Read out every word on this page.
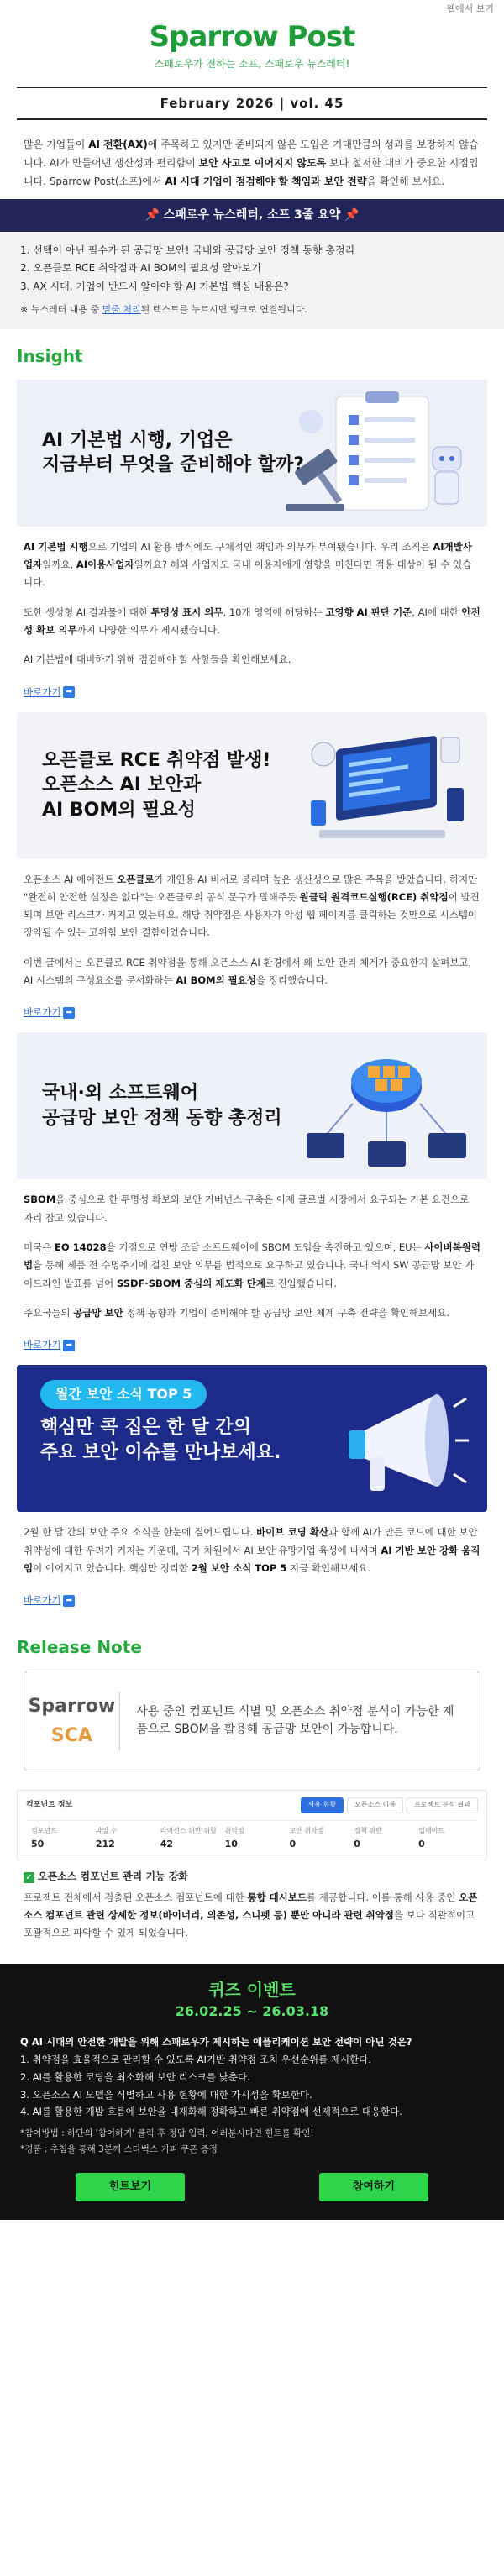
웹에서 보기
Sparrow Post
스패로우가 전하는 소프, 스패로우 뉴스레터!
February 2026 | vol. 45
많은 기업들이 AI 전환(AX)에 주목하고 있지만 준비되지 않은 도입은 기대만큼의 성과를 보장하지 않습니다. AI가 만들어낸 생산성과 편리함이 보안 사고로 이어지지 않도록 보다 철저한 대비가 중요한 시점입니다. Sparrow Post(소프)에서 AI 시대 기업이 점검해야 할 책임과 보안 전략을 확인해 보세요.
📌 스패로우 뉴스레터, 소프 3줄 요약 📌
1. 선택이 아닌 필수가 된 공급망 보안! 국내외 공급망 보안 정책 동향 총정리
2. 오픈클로 RCE 취약점과 AI BOM의 필요성 알아보기
3. AX 시대, 기업이 반드시 알아야 할 AI 기본법 핵심 내용은?
※ 뉴스레터 내용 중 밑줄 처리된 텍스트를 누르시면 링크로 연결됩니다.
Insight
AI 기본법 시행, 기업은
지금부터 무엇을 준비해야 할까?
AI 기본법 시행으로 기업의 AI 활용 방식에도 구체적인 책임과 의무가 부여됐습니다. 우리 조직은 AI개발사업자일까요, AI이용사업자일까요? 해외 사업자도 국내 이용자에게 영향을 미친다면 적용 대상이 될 수 있습니다.
또한 생성형 AI 결과물에 대한 투명성 표시 의무, 10개 영역에 해당하는 고영향 AI 판단 기준, AI에 대한 안전성 확보 의무까지 다양한 의무가 제시됐습니다.
AI 기본법에 대비하기 위해 점검해야 할 사항들을 확인해보세요.
바로가기 ➡
오픈클로 RCE 취약점 발생!
오픈소스 AI 보안과
AI BOM의 필요성
오픈소스 AI 에이전트 오픈클로가 개인용 AI 비서로 불리며 높은 생산성으로 많은 주목을 받았습니다. 하지만 "완전히 안전한 설정은 없다"는 오픈클로의 공식 문구가 말해주듯 원클릭 원격코드실행(RCE) 취약점이 발견되며 보안 리스크가 커지고 있는데요. 해당 취약점은 사용자가 악성 웹 페이지를 클릭하는 것만으로 시스템이 장악될 수 있는 고위험 보안 결함이었습니다.
이번 글에서는 오픈클로 RCE 취약점을 통해 오픈소스 AI 환경에서 왜 보안 관리 체계가 중요한지 살펴보고, AI 시스템의 구성요소를 문서화하는 AI BOM의 필요성을 정리했습니다.
바로가기 ➡
국내·외 소프트웨어
공급망 보안 정책 동향 총정리
SBOM을 중심으로 한 투명성 확보와 보안 거버넌스 구축은 이제 글로벌 시장에서 요구되는 기본 요건으로 자리 잡고 있습니다.
미국은 EO 14028을 기점으로 연방 조달 소프트웨어에 SBOM 도입을 촉진하고 있으며, EU는 사이버복원력법을 통해 제품 전 수명주기에 걸친 보안 의무를 법적으로 요구하고 있습니다. 국내 역시 SW 공급망 보안 가이드라인 발표를 넘어 SSDF·SBOM 중심의 제도화 단계로 진입했습니다.
주요국들의 공급망 보안 정책 동향과 기업이 준비해야 할 공급망 보안 체계 구축 전략을 확인해보세요.
바로가기 ➡
월간 보안 소식 TOP 5
핵심만 콕 집은 한 달 간의
주요 보안 이슈를 만나보세요.
2월 한 달 간의 보안 주요 소식을 한눈에 짚어드립니다. 바이브 코딩 확산과 함께 AI가 만든 코드에 대한 보안 취약성에 대한 우려가 커지는 가운데, 국가 차원에서 AI 보안 유망기업 육성에 나서며 AI 기반 보안 강화 움직임이 이어지고 있습니다. 핵심만 정리한 2월 보안 소식 TOP 5 지금 확인해보세요.
바로가기 ➡
Release Note
Sparrow SCA
사용 중인 컴포넌트 식별 및 오픈소스 취약점 분석이 가능한 제품으로 SBOM을 활용해 공급망 보안이 가능합니다.
컴포넌트 정보	사용 현황	오픈소스 이름	프로젝트 분석 결과
컴포넌트
50
파일 수
212
라이선스 위반 위험
42
취약점
10
보안 취약점
0
정책 위반
0
업데이트
0
✓ 오픈소스 컴포넌트 관리 기능 강화
프로젝트 전체에서 검출된 오픈소스 컴포넌트에 대한 통합 대시보드를 제공합니다. 이를 통해 사용 중인 오픈소스 컴포넌트 관련 상세한 정보(바이너리, 의존성, 스니펫 등) 뿐만 아니라 관련 취약점을 보다 직관적이고 포괄적으로 파악할 수 있게 되었습니다.
퀴즈 이벤트
26.02.25 ~ 26.03.18
Q AI 시대의 안전한 개발을 위해 스패로우가 제시하는 애플리케이션 보안 전략이 아닌 것은?
1. 취약점을 효율적으로 관리할 수 있도록 AI기반 취약점 조치 우선순위를 제시한다.
2. AI를 활용한 코딩을 최소화해 보안 리스크를 낮춘다.
3. 오픈소스 AI 모델을 식별하고 사용 현황에 대한 가시성을 확보한다.
4. AI를 활용한 개발 흐름에 보안을 내재화해 정확하고 빠른 취약점에 선제적으로 대응한다.
*참여방법 : 하단의 '참여하기' 클릭 후 정답 입력, 여러분시다면 힌트를 확인!
*경품 : 추첨을 통해 3분께 스타벅스 커피 쿠폰 증정
힌트보기	참여하기
